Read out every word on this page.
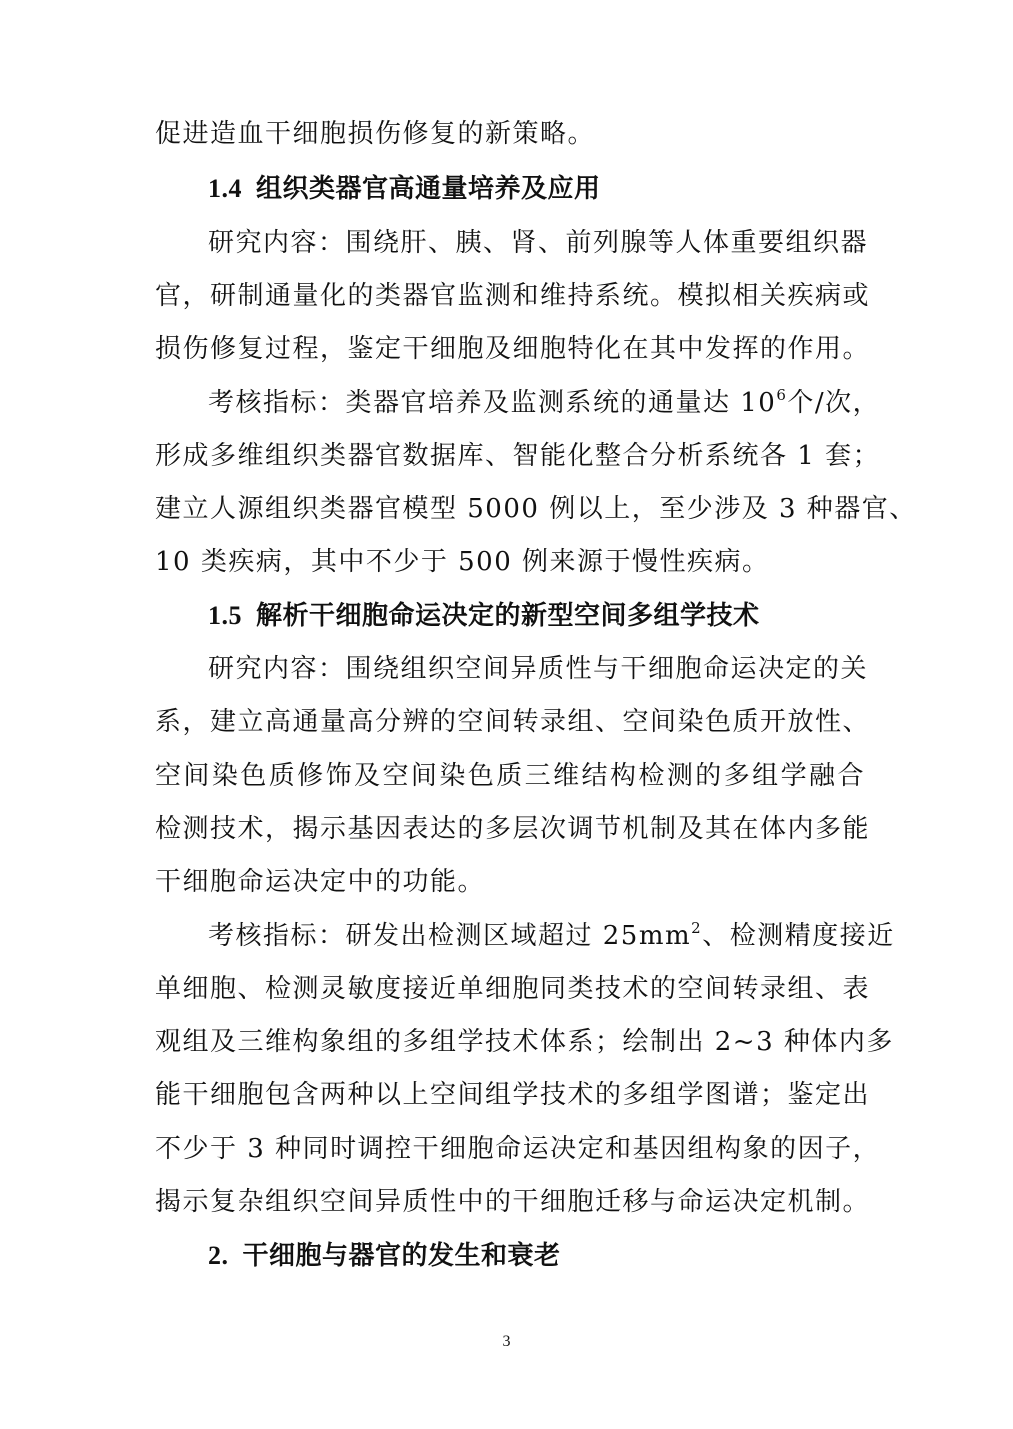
促进造血干细胞损伤修复的新策略。
1.4 组织类器官高通量培养及应用
研究内容：围绕肝、胰、肾、前列腺等人体重要组织器
官，研制通量化的类器官监测和维持系统。模拟相关疾病或
损伤修复过程，鉴定干细胞及细胞特化在其中发挥的作用。
考核指标：类器官培养及监测系统的通量达 $10^6$个/次，
形成多维组织类器官数据库、智能化整合分析系统各 1 套；
建立人源组织类器官模型 5000 例以上，至少涉及 3 种器官、
10 类疾病，其中不少于 500 例来源于慢性疾病。
1.5 解析干细胞命运决定的新型空间多组学技术
研究内容：围绕组织空间异质性与干细胞命运决定的关
系，建立高通量高分辨的空间转录组、空间染色质开放性、
空间染色质修饰及空间染色质三维结构检测的多组学融合
检测技术，揭示基因表达的多层次调节机制及其在体内多能
干细胞命运决定中的功能。
考核指标：研发出检测区域超过 $25mm^2$、检测精度接近
单细胞、检测灵敏度接近单细胞同类技术的空间转录组、表
观组及三维构象组的多组学技术体系；绘制出 2~3 种体内多
能干细胞包含两种以上空间组学技术的多组学图谱；鉴定出
不少于 3 种同时调控干细胞命运决定和基因组构象的因子，
揭示复杂组织空间异质性中的干细胞迁移与命运决定机制。
2. 干细胞与器官的发生和衰老
3
